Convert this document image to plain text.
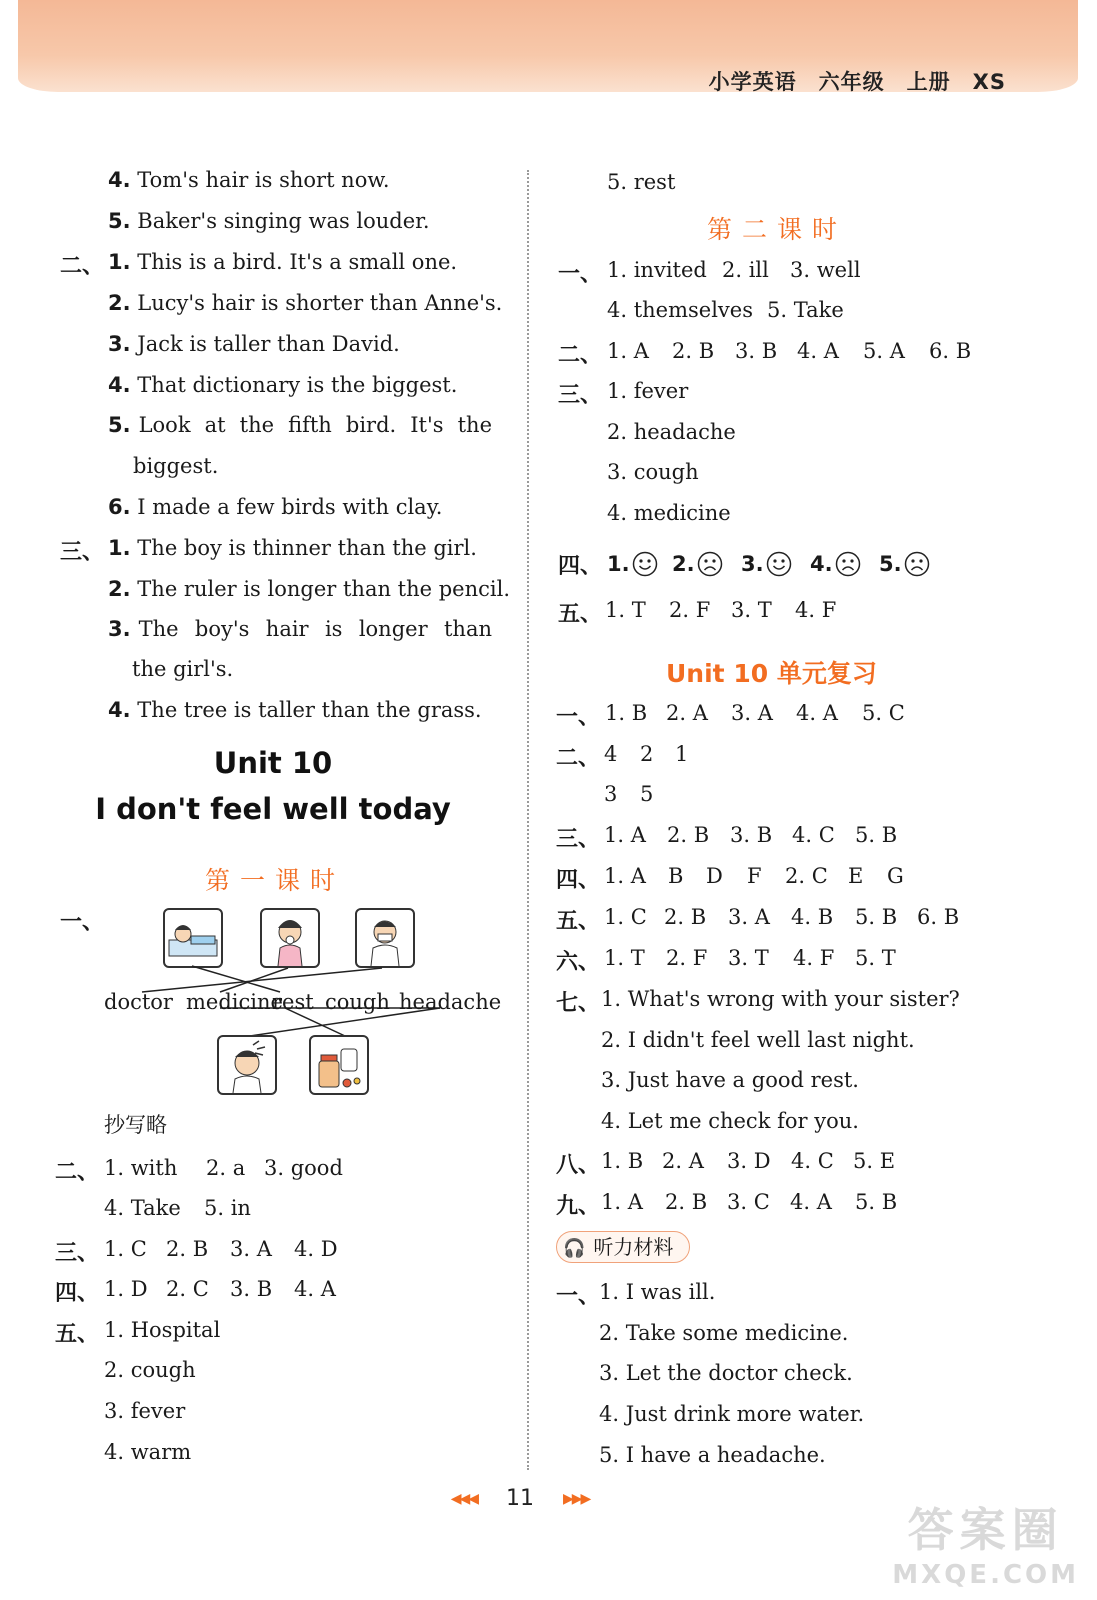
小学英语　六年级　上册　XS
4. Tom's hair is short now.
5. Baker's singing was louder.
二、 1. This is a bird. It's a small one.
2. Lucy's hair is shorter than Anne's.
3. Jack is taller than David.
4. That dictionary is the biggest.
5. Look at the fifth bird. It's the
biggest.
6. I made a few birds with clay.
三、 1. The boy is thinner than the girl.
2. The ruler is longer than the pencil.
3. The boy's hair is longer than
the girl's.
4. The tree is taller than the grass.
Unit 10
I don't feel well today
第一课时
一、
doctor medicine
rest cough headache
抄写略
二、 1. with 2. a 3. good
4. Take 5. in
三、 1. C 2. B 3. A 4. D
四、 1. D 2. C 3. B 4. A
五、 1. Hospital
2. cough
3. fever
4. warm
5. rest
第二课时
一、 1. invited 2. ill 3. well
4. themselves 5. Take
二、 1. A 2. B 3. B 4. A 5. A 6. B
三、 1. fever
2. headache
3. cough
4. medicine
四、 1.	2.	3.	4.	5.
五、 1. T 2. F 3. T 4. F
Unit 10 单元复习
一、 1. B 2. A 3. A 4. A 5. C
二、 4 2 1
3 5
三、 1. A 2. B 3. B 4. C 5. B
四、 1. A B D F 2. C E G
五、 1. C 2. B 3. A 4. B 5. B 6. B
六、 1. T 2. F 3. T 4. F 5. T
七、 1. What's wrong with your sister?
2. I didn't feel well last night.
3. Just have a good rest.
4. Let me check for you.
八、 1. B 2. A 3. D 4. C 5. E
九、 1. A 2. B 3. C 4. A 5. B
🎧 听力材料
一、
1. I was ill.
2. Take some medicine.
3. Let the doctor check.
4. Just drink more water.
5. I have a headache.
◀◀◀ 11 ▶▶▶
答案圈
MXQE.COM
